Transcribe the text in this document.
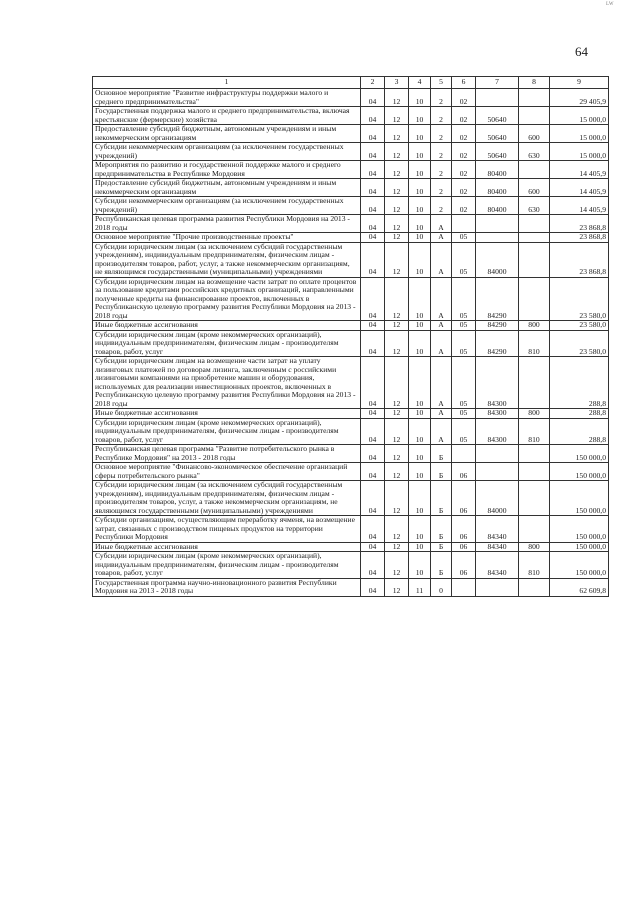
ᴸᵂ
64
1	2	3	4	5	6	7	8	9
Основное мероприятие "Развитие инфраструктуры поддержки малого и среднего предпринимательства"	04	12	10	2	02			29 405,9
Государственная поддержка малого и среднего предпринимательства, включая крестьянские (фермерские) хозяйства	04	12	10	2	02	50640		15 000,0
Предоставление субсидий бюджетным, автономным учреждениям и иным некоммерческим организациям	04	12	10	2	02	50640	600	15 000,0
Субсидии некоммерческим организациям (за исключением государственных учреждений)	04	12	10	2	02	50640	630	15 000,0
Мероприятия по развитию и государственной поддержке малого и среднего предпринимательства в Республике Мордовия	04	12	10	2	02	80400		14 405,9
Предоставление субсидий бюджетным, автономным учреждениям и иным некоммерческим организациям	04	12	10	2	02	80400	600	14 405,9
Субсидии некоммерческим организациям (за исключением государственных учреждений)	04	12	10	2	02	80400	630	14 405,9
Республиканская целевая программа развития Республики Мордовия на 2013 - 2018 годы	04	12	10	А				23 868,8
Основное мероприятие "Прочие производственные проекты"	04	12	10	А	05			23 868,8
Субсидии юридическим лицам (за исключением субсидий государственным учреждениям), индивидуальным предпринимателям, физическим лицам - производителям товаров, работ, услуг, а также некоммерческим организациям, не являющимся государственными (муниципальными) учреждениями	04	12	10	А	05	84000		23 868,8
Субсидии юридическим лицам на возмещение части затрат по оплате процентов за пользование кредитами российских кредитных организаций, направленными полученные кредиты на финансирование проектов, включенных в Республиканскую целевую программу развития Республики Мордовия на 2013 - 2018 годы	04	12	10	А	05	84290		23 580,0
Иные бюджетные ассигнования	04	12	10	А	05	84290	800	23 580,0
Субсидии юридическим лицам (кроме некоммерческих организаций), индивидуальным предпринимателям, физическим лицам - производителям товаров, работ, услуг	04	12	10	А	05	84290	810	23 580,0
Субсидии юридическим лицам на возмещение части затрат на уплату лизинговых платежей по договорам лизинга, заключенным с российскими лизинговыми компаниями на приобретение машин и оборудования, используемых для реализации инвестиционных проектов, включенных в Республиканскую целевую программу развития Республики Мордовия на 2013 - 2018 годы	04	12	10	А	05	84300		288,8
Иные бюджетные ассигнования	04	12	10	А	05	84300	800	288,8
Субсидии юридическим лицам (кроме некоммерческих организаций), индивидуальным предпринимателям, физическим лицам - производителям товаров, работ, услуг	04	12	10	А	05	84300	810	288,8
Республиканская целевая программа "Развитие потребительского рынка в Республике Мордовия" на 2013 - 2018 годы	04	12	10	Б				150 000,0
Основное мероприятие "Финансово-экономическое обеспечение организаций сферы потребительского рынка"	04	12	10	Б	06			150 000,0
Субсидии юридическим лицам (за исключением субсидий государственным учреждениям), индивидуальным предпринимателям, физическим лицам - производителям товаров, услуг, а также некоммерческим организациям, не являющимся государственными (муниципальными) учреждениями	04	12	10	Б	06	84000		150 000,0
Субсидии организациям, осуществляющим переработку ячменя, на возмещение затрат, связанных с производством пищевых продуктов на территории Республики Мордовия	04	12	10	Б	06	84340		150 000,0
Иные бюджетные ассигнования	04	12	10	Б	06	84340	800	150 000,0
Субсидии юридическим лицам (кроме некоммерческих организаций), индивидуальным предпринимателям, физическим лицам - производителям товаров, работ, услуг	04	12	10	Б	06	84340	810	150 000,0
Государственная программа научно-инновационного развития Республики Мордовия на 2013 - 2018 годы	04	12	11	0				62 609,8
